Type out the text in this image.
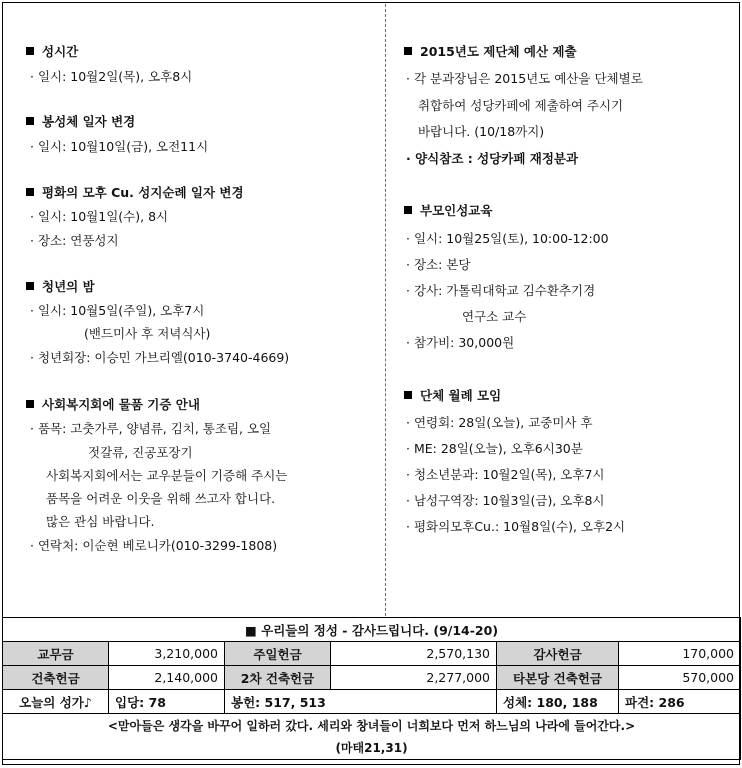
성시간
· 일시: 10월2일(목), 오후8시
봉성체 일자 변경
· 일시: 10월10일(금), 오전11시
평화의 모후 Cu. 성지순례 일자 변경
· 일시: 10월1일(수), 8시
· 장소: 연풍성지
청년의 밤
· 일시: 10월5일(주일), 오후7시
(밴드미사 후 저녁식사)
· 청년회장: 이승민 가브리엘(010-3740-4669)
사회복지회에 물품 기증 안내
· 품목: 고춧가루, 양념류, 김치, 통조림, 오일
젓갈류, 진공포장기
사회복지회에서는 교우분들이 기증해 주시는
품목을 어려운 이웃을 위해 쓰고자 합니다.
많은 관심 바랍니다.
· 연락처: 이순현 베로니카(010-3299-1808)
2015년도 제단체 예산 제출
· 각 분과장님은 2015년도 예산을 단체별로
취합하여 성당카페에 제출하여 주시기
바랍니다. (10/18까지)
· 양식참조 : 성당카페 재정분과
부모인성교육
· 일시: 10월25일(토), 10:00-12:00
· 장소: 본당
· 강사: 가톨릭대학교 김수환추기경
연구소 교수
· 참가비: 30,000원
단체 월례 모임
· 연령회: 28일(오늘), 교중미사 후
· ME: 28일(오늘), 오후6시30분
· 청소년분과: 10월2일(목), 오후7시
· 남성구역장: 10월3일(금), 오후8시
· 평화의모후Cu.: 10월8일(수), 오후2시
■ 우리들의 정성 - 감사드립니다. (9/14-20)					
교무금	3,210,000	주일헌금	2,570,130	감사헌금	170,000
건축헌금	2,140,000	2차 건축헌금	2,277,000	타본당 건축헌금	570,000
오늘의 성가♪	입당: 78	봉헌: 517, 513		성체: 180, 188	파견: 286

<맏아들은 생각을 바꾸어 일하러 갔다. 세리와 창녀들이 너희보다 먼저 하느님의 나라에 들어간다.>
(마태21,31)					
